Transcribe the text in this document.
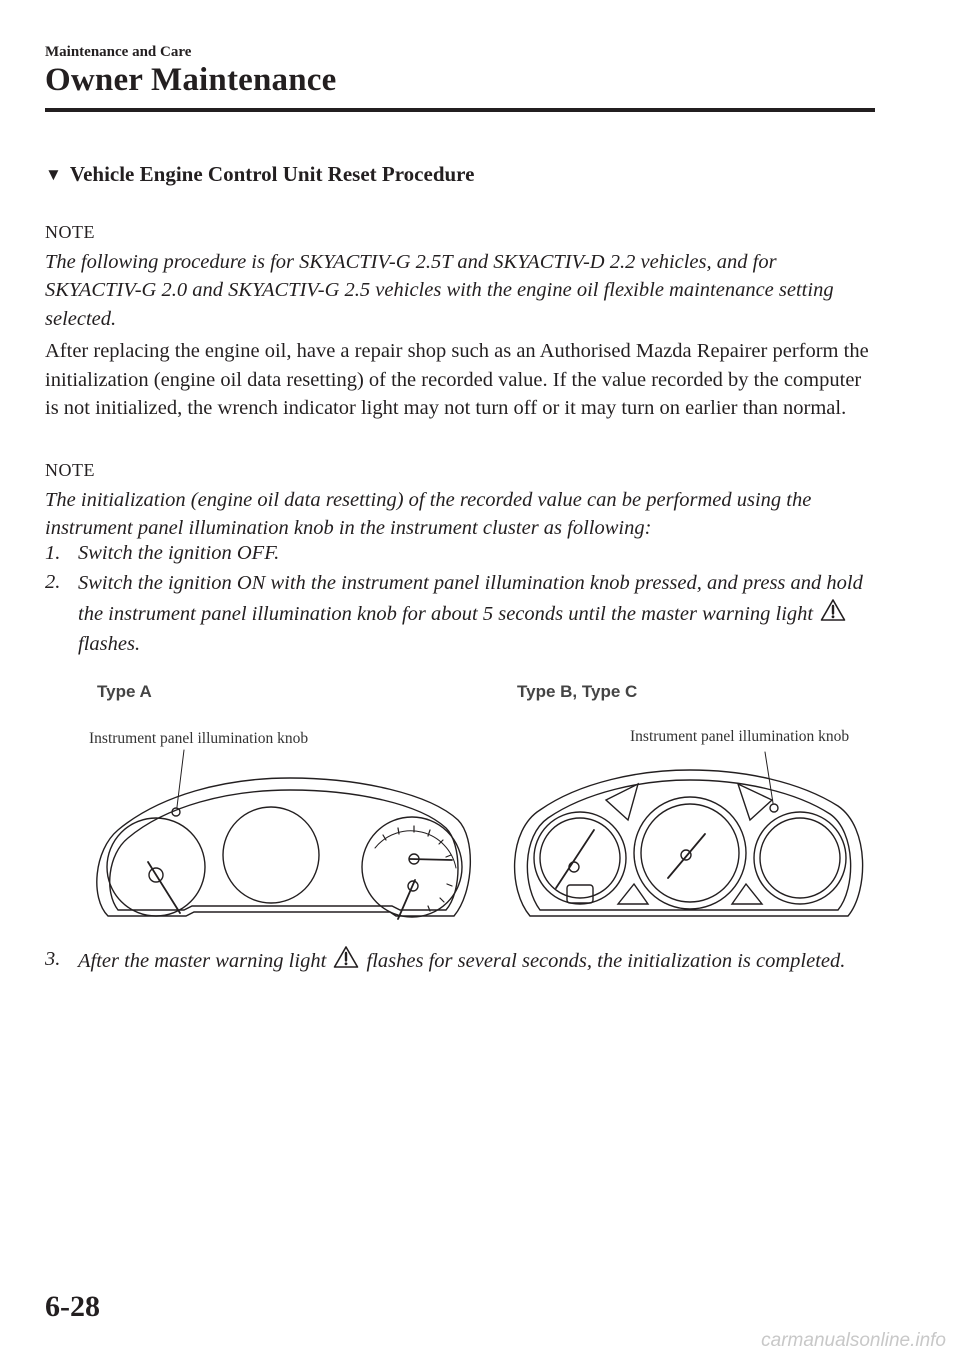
Maintenance and Care
Owner Maintenance
▼ Vehicle Engine Control Unit Reset Procedure
NOTE
The following procedure is for SKYACTIV-G 2.5T and SKYACTIV-D 2.2 vehicles, and for SKYACTIV-G 2.0 and SKYACTIV-G 2.5 vehicles with the engine oil flexible maintenance setting selected.
After replacing the engine oil, have a repair shop such as an Authorised Mazda Repairer perform the initialization (engine oil data resetting) of the recorded value. If the value recorded by the computer is not initialized, the wrench indicator light may not turn off or it may turn on earlier than normal.
NOTE
The initialization (engine oil data resetting) of the recorded value can be performed using the instrument panel illumination knob in the instrument cluster as following:
1. Switch the ignition OFF.
2. Switch the ignition ON with the instrument panel illumination knob pressed, and press and hold the instrument panel illumination knob for about 5 seconds until the master warning light  flashes.
Type A	Type B, Type C
Instrument panel illumination knob	Instrument panel illumination knob
3. After the master warning light flashes for several seconds, the initialization is completed.
6-28
carmanualsonline.info
